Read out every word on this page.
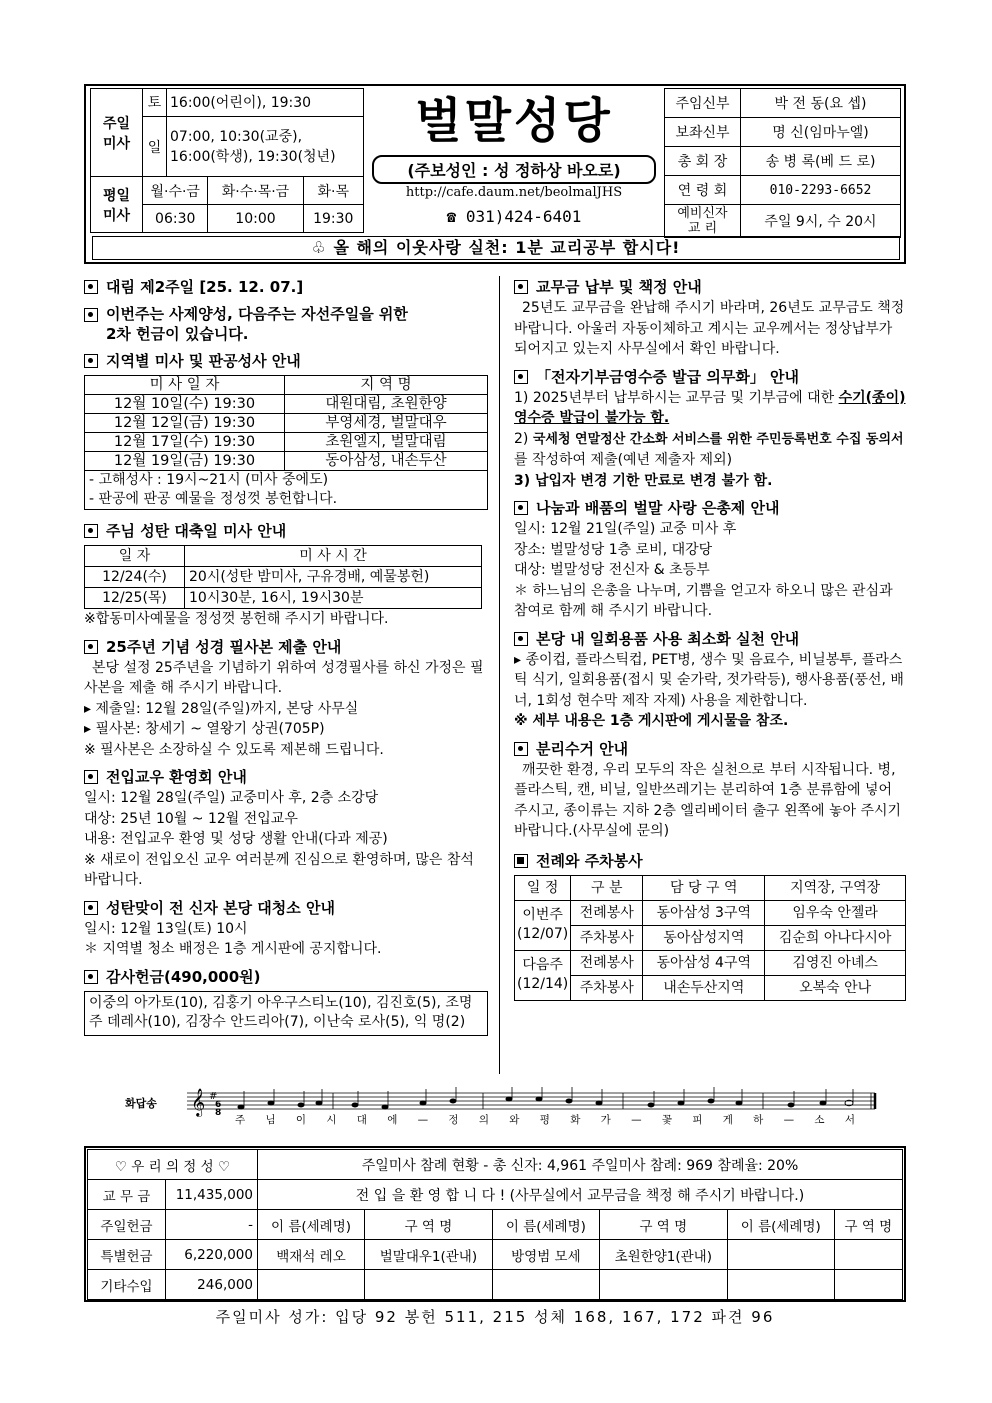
주일
미사	토	16:00(어린이), 19:30		
	일	07:00, 10:30(교중),
16:00(학생), 19:30(청년)		

평일
미사	월·수·금		화·수·목·금	화·목
	06:30		10:00	19:30
벌말성당
(주보성인 : 성 정하상 바오로)
http://cafe.daum.net/beolmalJHS
☎ 031)424-6401
주임신부	박 전 동(요 셉)
보좌신부	명 신(임마누엘)
총 회 장	송 병 록(베 드 로)
연 령 회	010-2293-6652
예비신자
교 리	주일 9시, 수 20시
♧ 올 해의 이웃사랑 실천: 1분 교리공부 합시다!
대림 제2주일 [25. 12. 07.]
이번주는 사제양성, 다음주는 자선주일을 위한
2차 헌금이 있습니다.
지역별 미사 및 판공성사 안내
미 사 일 자	지 역 명
12월 10일(수) 19:30	대원대림, 초원한양
12월 12일(금) 19:30	부영세경, 벌말대우
12월 17일(수) 19:30	초원엘지, 벌말대림
12월 19일(금) 19:30	동아삼성, 내손두산
- 고해성사 : 19시~21시 (미사 중에도)
- 판공에 판공 예물을 정성껏 봉헌합니다.
주님 성탄 대축일 미사 안내
일 자	미 사 시 간
12/24(수)	20시(성탄 밤미사, 구유경배, 예물봉헌)
12/25(목)	10시30분, 16시, 19시30분
※합동미사예물을 정성껏 봉헌해 주시기 바랍니다.
25주년 기념 성경 필사본 제출 안내
본당 설정 25주년을 기념하기 위하여 성경필사를 하신 가정은 필사본을 제출 해 주시기 바랍니다.
▸ 제출일: 12월 28일(주일)까지, 본당 사무실
▸ 필사본: 창세기 ~ 열왕기 상권(705P)
※ 필사본은 소장하실 수 있도록 제본해 드립니다.
전입교우 환영회 안내
일시: 12월 28일(주일) 교중미사 후, 2층 소강당
대상: 25년 10월 ~ 12월 전입교우
내용: 전입교우 환영 및 성당 생활 안내(다과 제공)
※ 새로이 전입오신 교우 여러분께 진심으로 환영하며, 많은 참석 바랍니다.
성탄맞이 전 신자 본당 대청소 안내
일시: 12월 13일(토) 10시
＊ 지역별 청소 배정은 1층 게시판에 공지합니다.
감사헌금(490,000원)
이중의 아가토(10), 김홍기 아우구스티노(10), 김진호(5), 조명주 데레사(10), 김장수 안드리아(7), 이난숙 로사(5), 익 명(2)
교무금 납부 및 책정 안내
25년도 교무금을 완납해 주시기 바라며, 26년도 교무금도 책정 바랍니다. 아울러 자동이체하고 계시는 교우께서는 정상납부가 되어지고 있는지 사무실에서 확인 바랍니다.
「전자기부금영수증 발급 의무화」 안내
1) 2025년부터 납부하시는 교무금 및 기부금에 대한 수기(종이) 영수증 발급이 불가능 함.
2) 국세청 연말정산 간소화 서비스를 위한 주민등록번호 수집 동의서를 작성하여 제출(예년 제출자 제외)
3) 납입자 변경 기한 만료로 변경 불가 함.
나눔과 배품의 벌말 사랑 은총제 안내
일시: 12월 21일(주일) 교중 미사 후
장소: 벌말성당 1층 로비, 대강당
대상: 벌말성당 전신자 & 초등부
＊ 하느님의 은총을 나누며, 기쁨을 얻고자 하오니 많은 관심과 참여로 함께 해 주시기 바랍니다.
본당 내 일회용품 사용 최소화 실천 안내
▸ 종이컵, 플라스틱컵, PET병, 생수 및 음료수, 비닐봉투, 플라스틱 식기, 일회용품(접시 및 숟가락, 젓가락등), 행사용품(풍선, 배너, 1회성 현수막 제작 자제) 사용을 제한합니다.
※ 세부 내용은 1층 게시판에 게시물을 참조.
분리수거 안내
깨끗한 환경, 우리 모두의 작은 실천으로 부터 시작됩니다. 병, 플라스틱, 캔, 비닐, 일반쓰레기는 분리하여 1층 분류함에 넣어 주시고, 종이류는 지하 2층 엘리베이터 출구 왼쪽에 놓아 주시기 바랍니다.(사무실에 문의)
전례와 주차봉사
일 정	구 분	담 당 구 역	지역장, 구역장
이번주
(12/07)	전례봉사	동아삼성 3구역	임우숙 안젤라
	주차봉사	동아삼성지역	김순희 아나다시아
다음주
(12/14)	전례봉사	동아삼성 4구역	김영진 아녜스
	주차봉사	내손두산지역	오복숙 안나
화답송 𝄞 #
6
8
주 님 이 시 대 에 — 정 의 와 평 화 가 — 꽃 피 게 하 — 소 서
♡ 우 리 의 정 성 ♡		주일미사 참례 현황 - 총 신자: 4,961 주일미사 참례: 969 참례율: 20%					
교 무 금	11,435,000	전 입 을 환 영 합 니 다 ! (사무실에서 교무금을 책정 해 주시기 바랍니다.)					
주일헌금	-	이 름(세례명)	구 역 명	이 름(세례명)	구 역 명	이 름(세례명)	구 역 명
특별헌금	6,220,000	백재석 레오	벌말대우1(관내)	방영범 모세	초원한양1(관내)		
기타수입	246,000						
주일미사 성가: 입당 92 봉헌 511, 215 성체 168, 167, 172 파견 96
